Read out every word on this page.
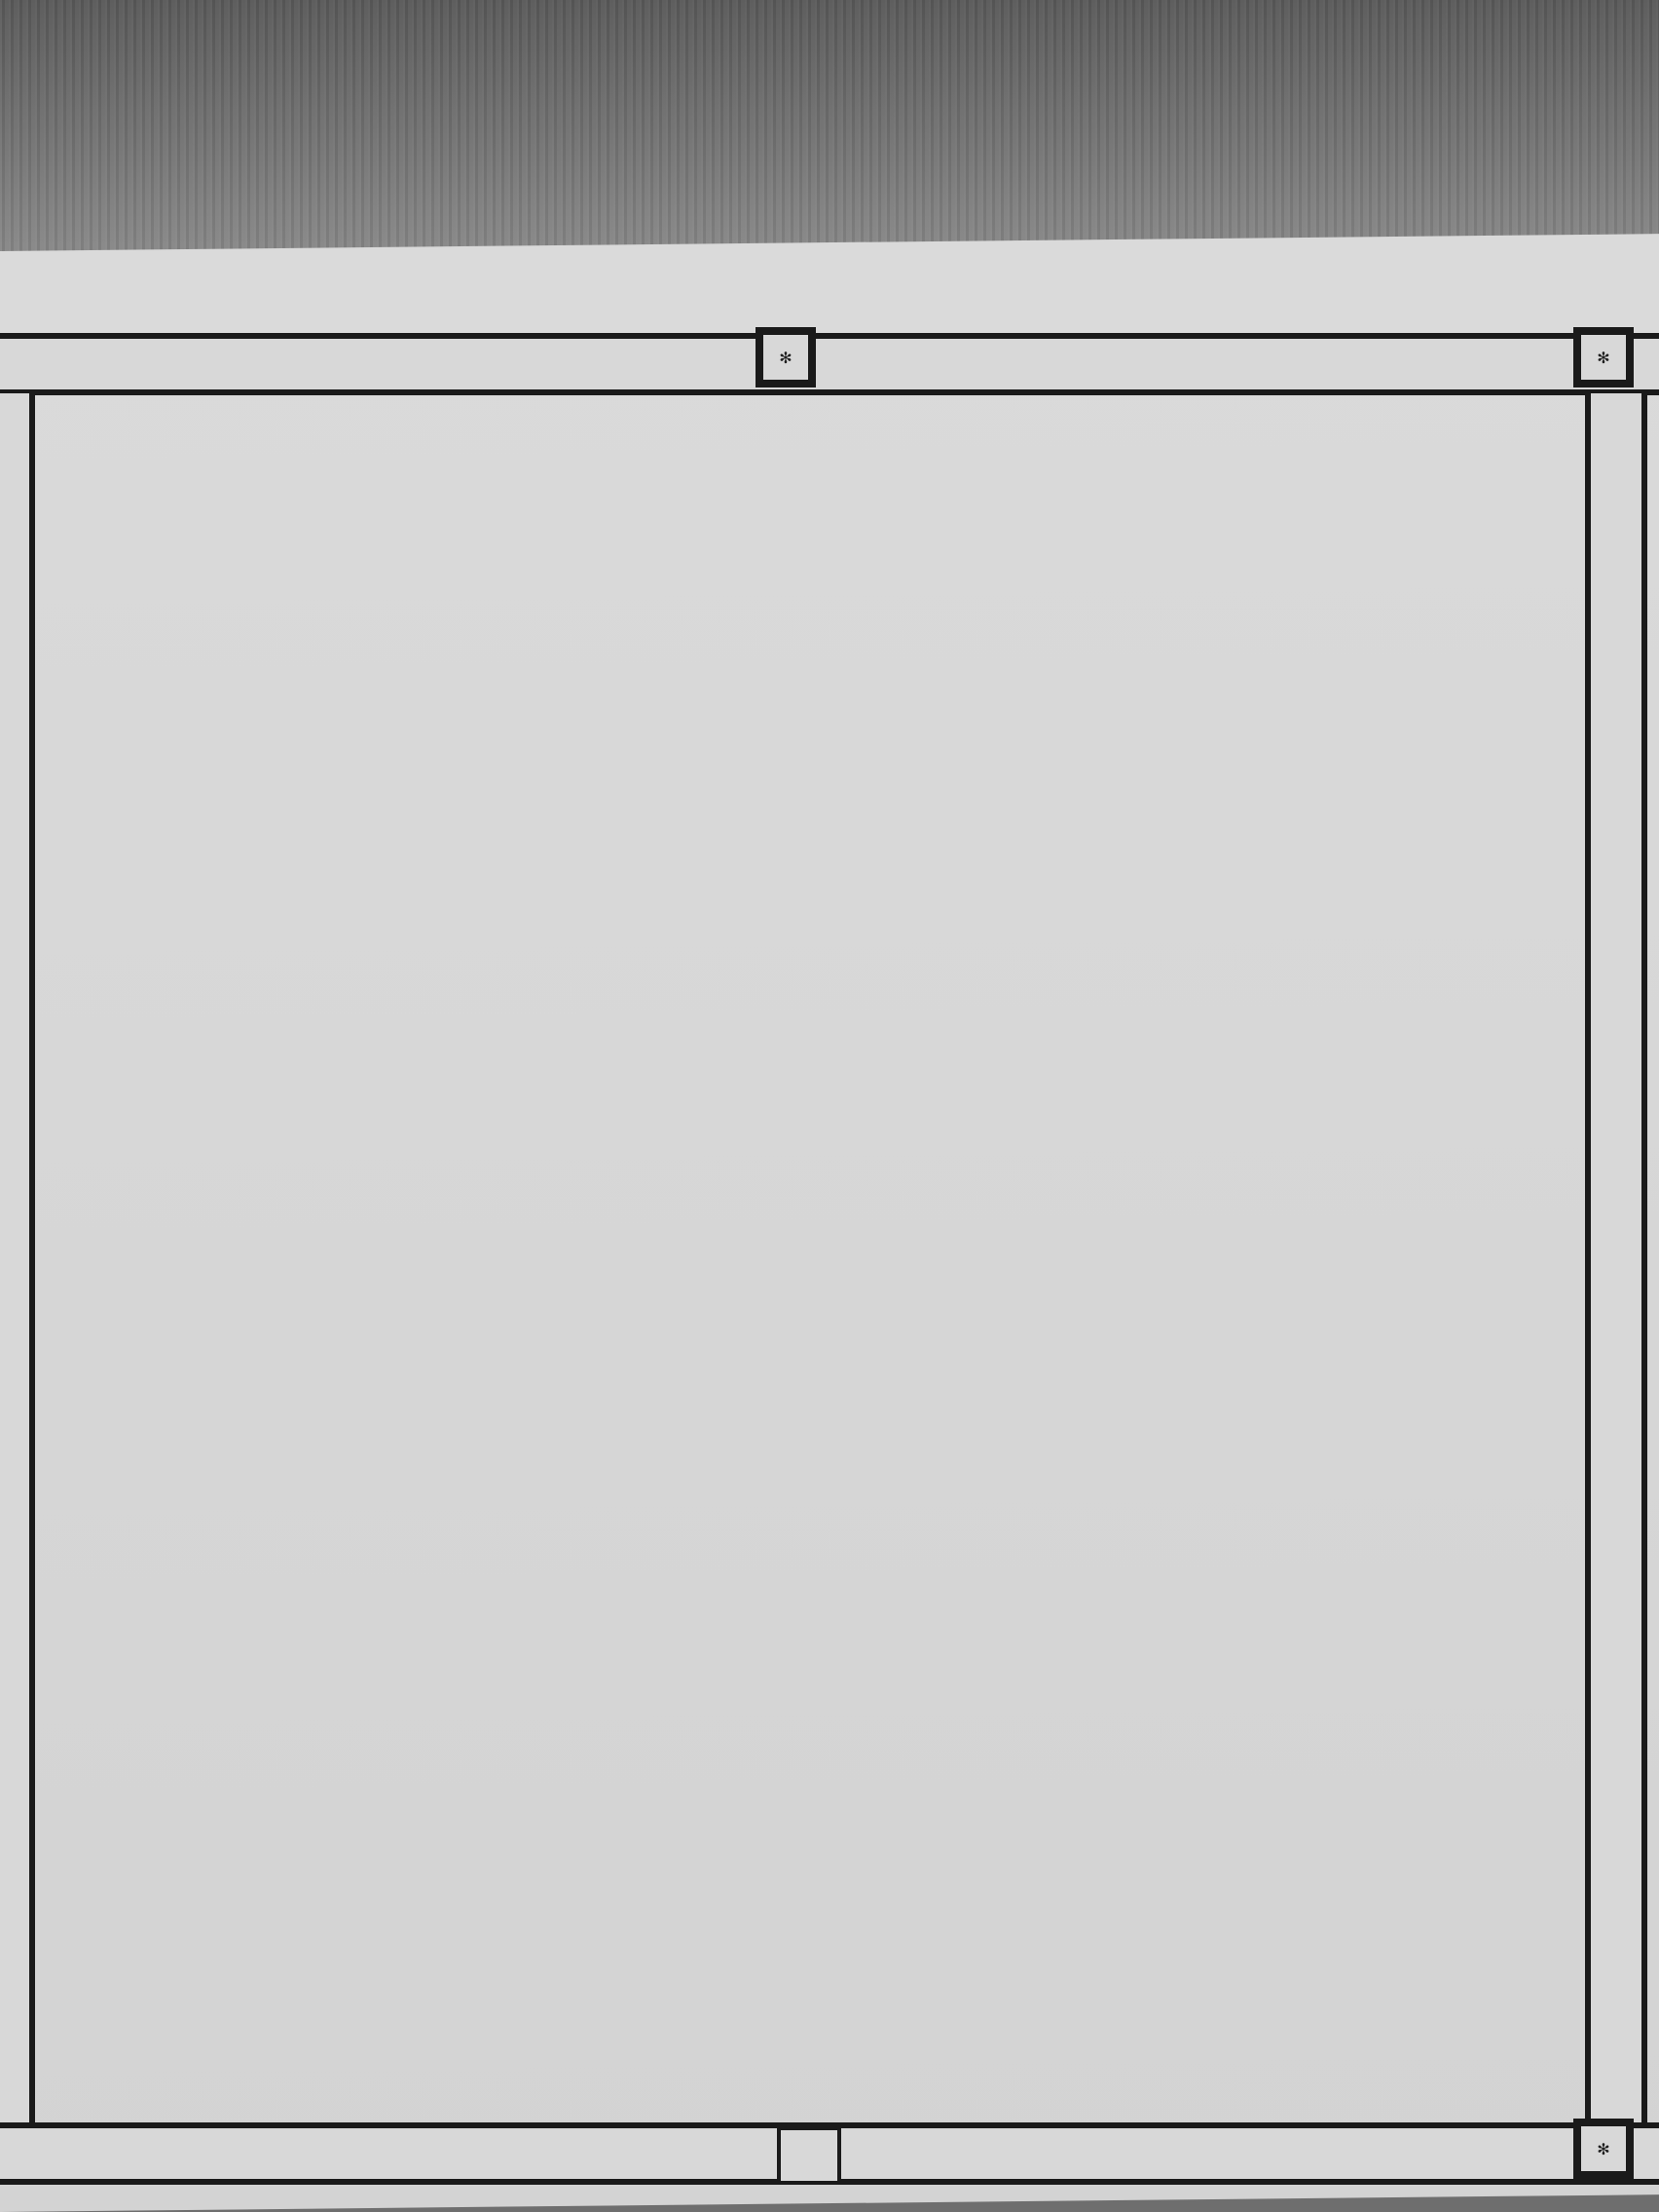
✻
✻
✻
